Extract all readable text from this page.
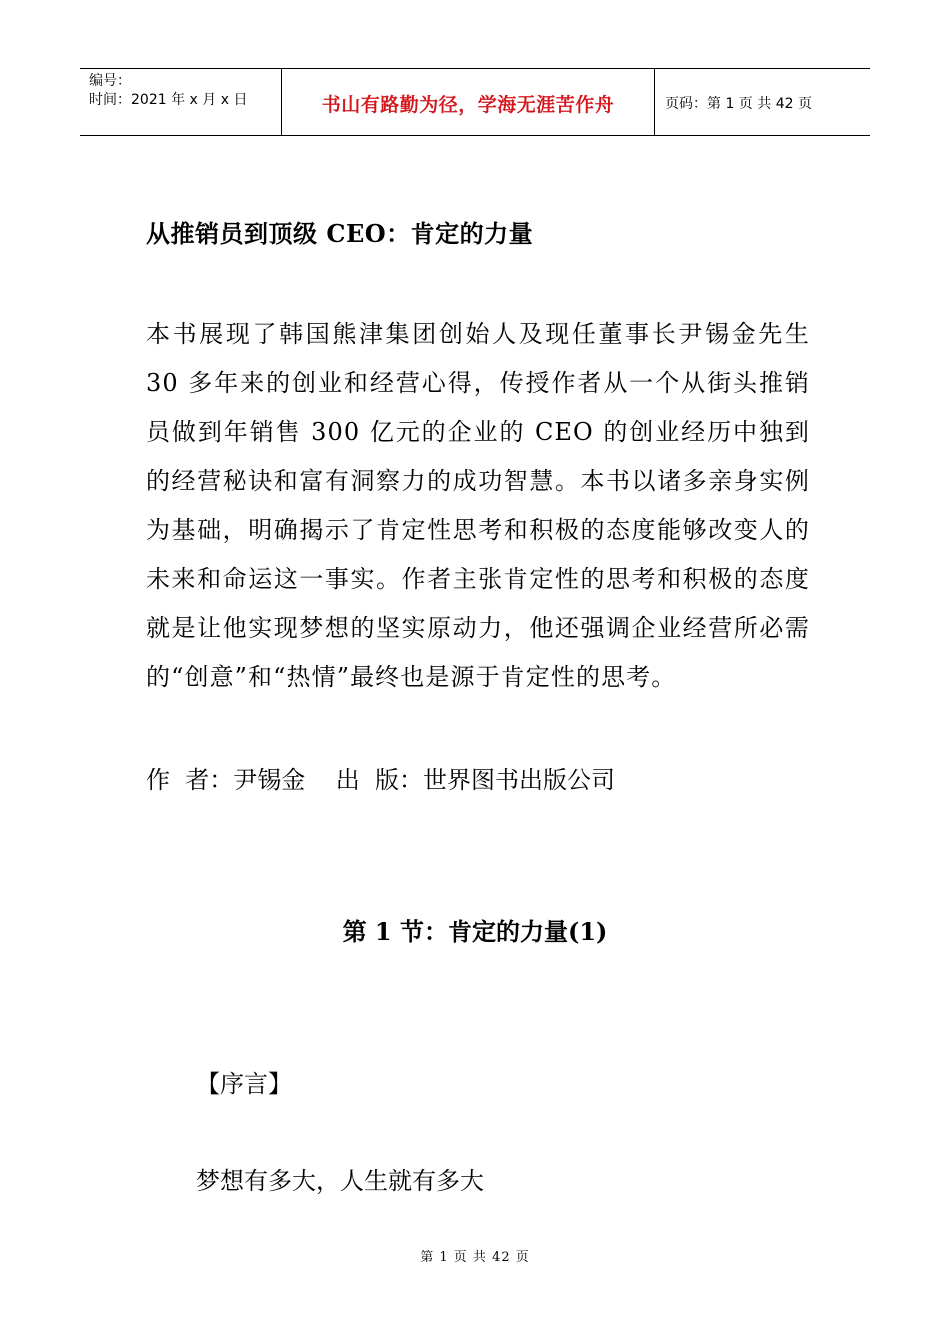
编号：
时间：2021 年 x 月 x 日	书山有路勤为径，学海无涯苦作舟	页码：第 1 页 共 42 页
从推销员到顶级 CEO：肯定的力量

本书展现了韩国熊津集团创始人及现任董事长尹锡金先生 30 多年来的创业和经营心得，传授作者从一个从街头推销员做到年销售 300 亿元的企业的 CEO 的创业经历中独到的经营秘诀和富有洞察力的成功智慧。本书以诸多亲身实例为基础，明确揭示了肯定性思考和积极的态度能够改变人的未来和命运这一事实。作者主张肯定性的思考和积极的态度就是让他实现梦想的坚实原动力，他还强调企业经营所必需的“创意”和“热情”最终也是源于肯定性的思考。

作  者：尹锡金    出  版：世界图书出版公司

第 1 节：肯定的力量(1)

【序言】

梦想有多大，人生就有多大

第 1 页 共 42 页
